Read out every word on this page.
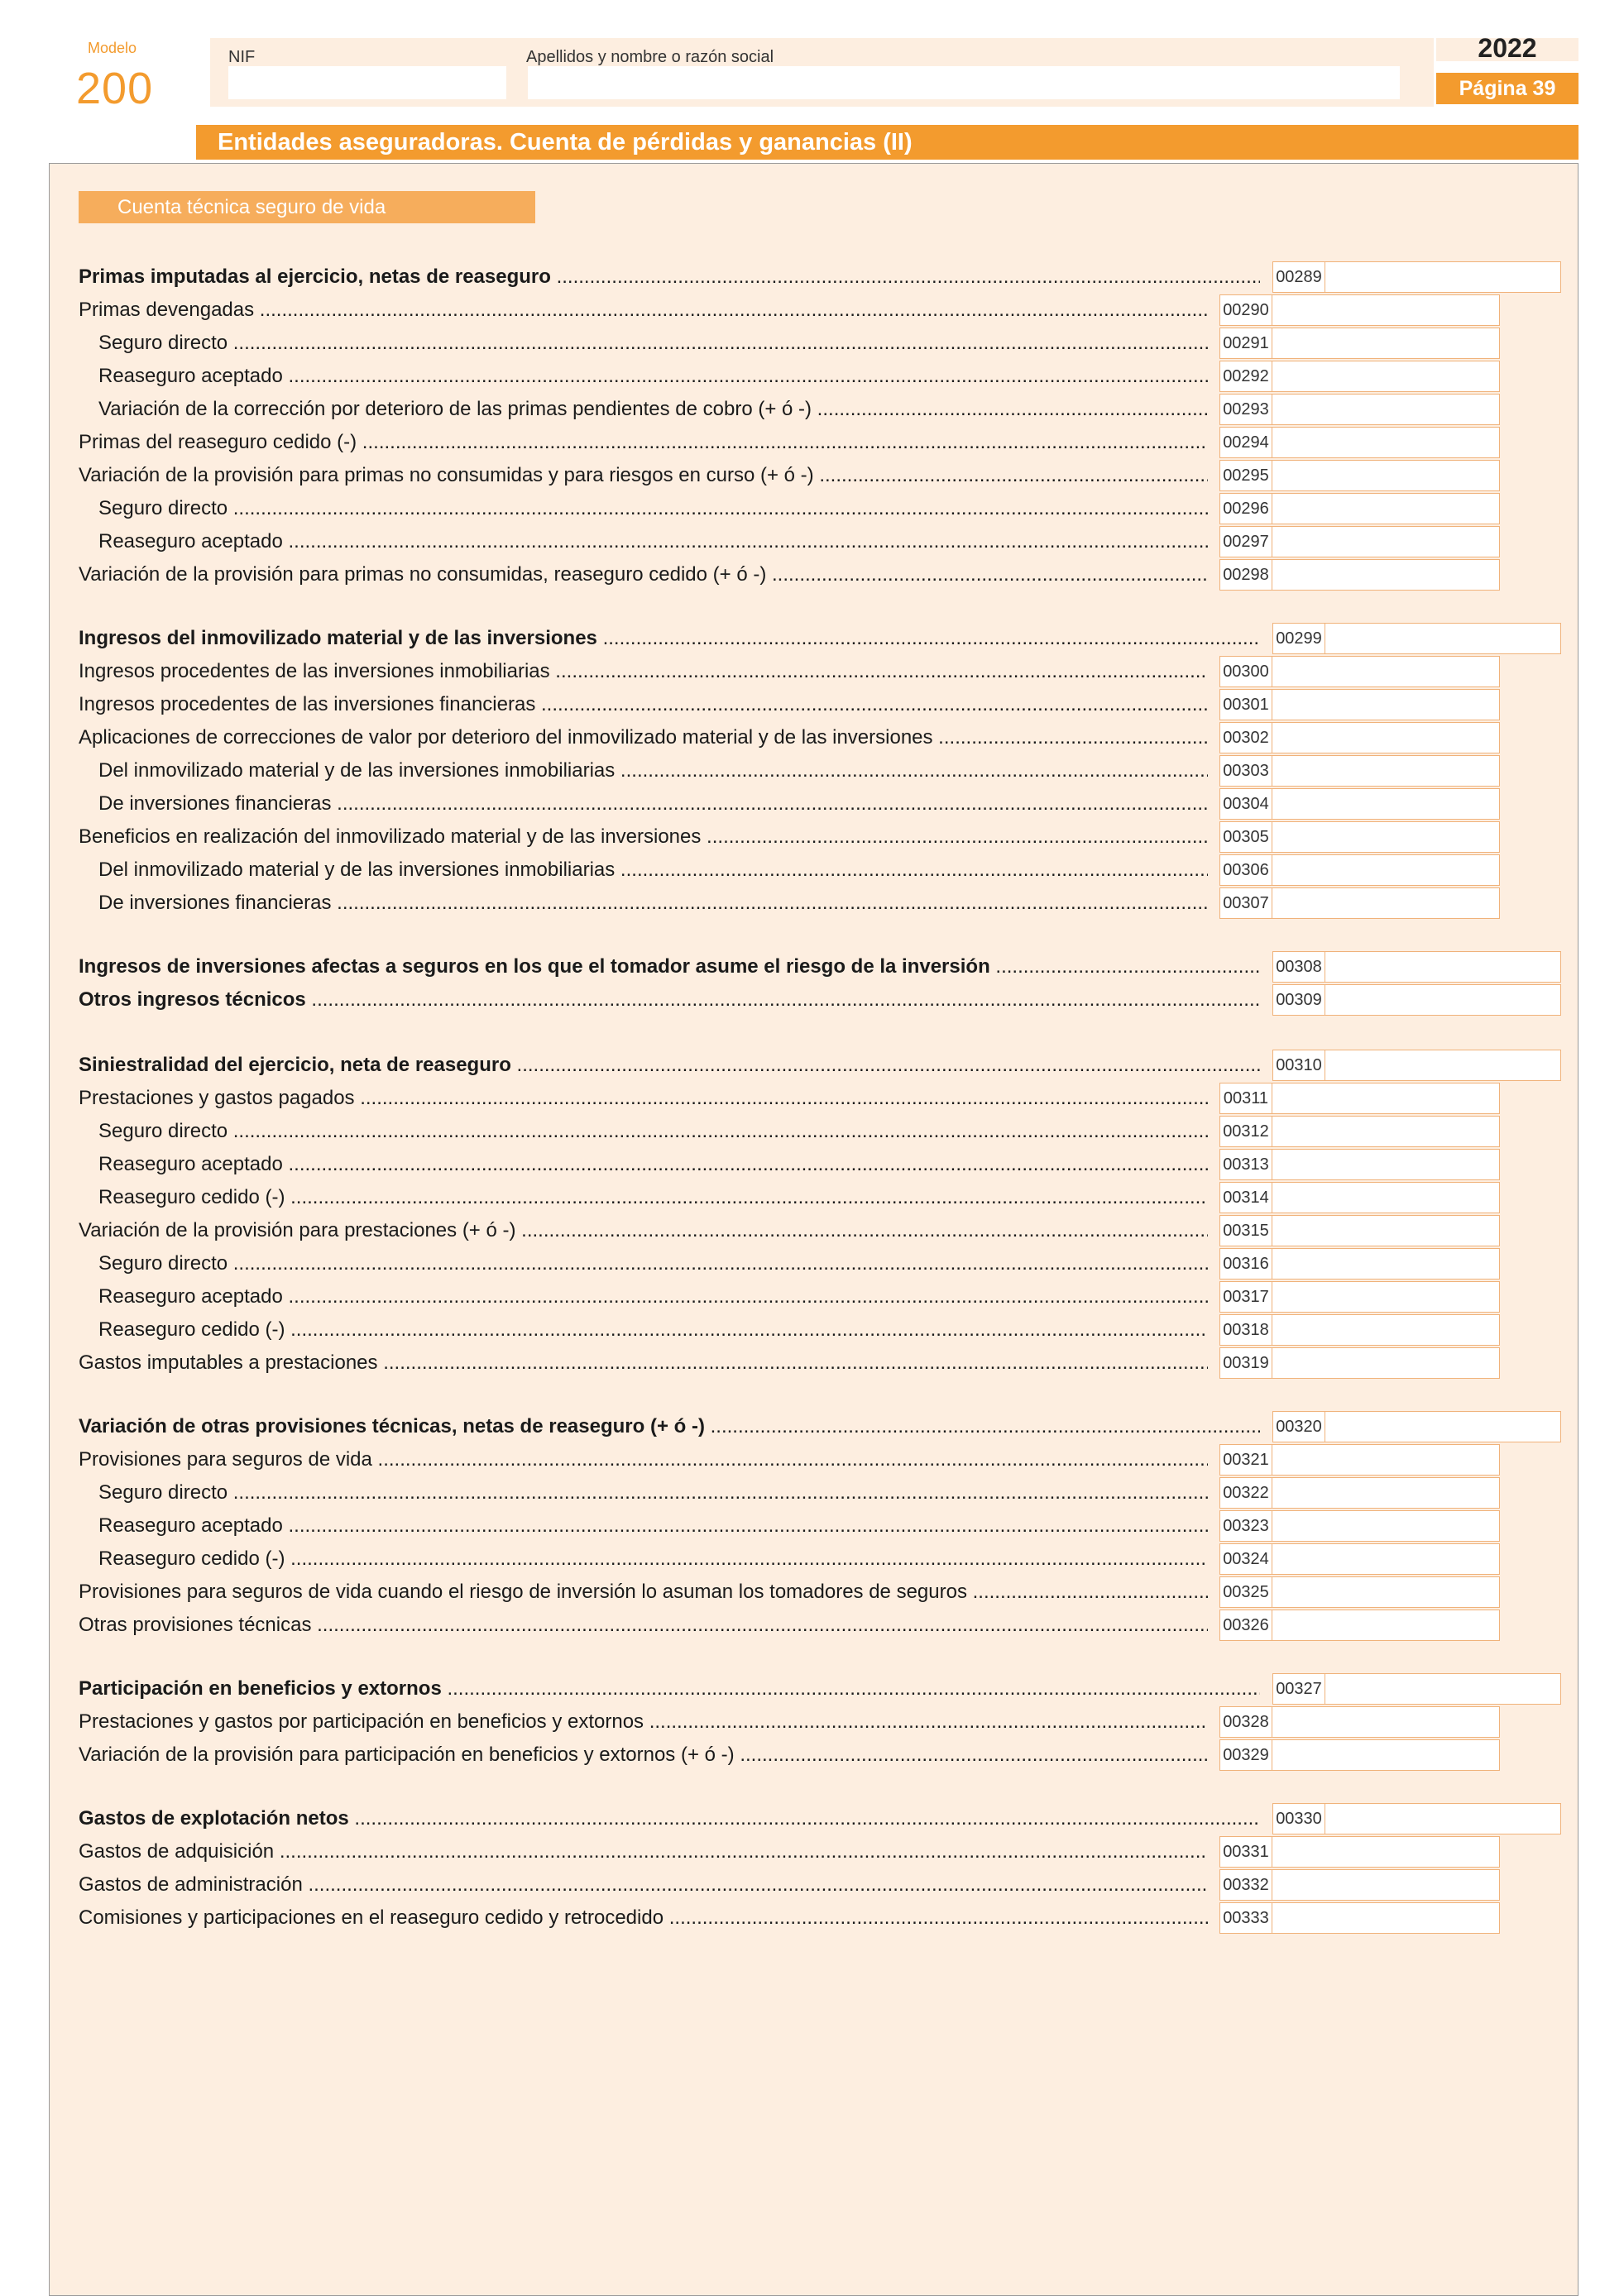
Modelo
200
NIF	Apellidos y nombre o razón social	2022
Página 39
Entidades aseguradoras. Cuenta de pérdidas y ganancias (II)
Cuenta técnica seguro de vida
Primas imputadas al ejercicio, netas de reaseguro .....	00289
Primas devengadas .....	00290
Seguro directo .....	00291
Reaseguro aceptado .....	00292
Variación de la corrección por deterioro de las primas pendientes de cobro (+ ó -) .....	00293
Primas del reaseguro cedido (-) .....	00294
Variación de la provisión para primas no consumidas y para riesgos en curso (+ ó -) .....	00295
Seguro directo .....	00296
Reaseguro aceptado .....	00297
Variación de la provisión para primas no consumidas, reaseguro cedido (+ ó -) .....	00298
Ingresos del inmovilizado material y de las inversiones .....	00299
Ingresos procedentes de las inversiones inmobiliarias .....	00300
Ingresos procedentes de las inversiones financieras .....	00301
Aplicaciones de correcciones de valor por deterioro del inmovilizado material y de las inversiones .....	00302
Del inmovilizado material y de las inversiones inmobiliarias .....	00303
De inversiones financieras .....	00304
Beneficios en realización del inmovilizado material y de las inversiones .....	00305
Del inmovilizado material y de las inversiones inmobiliarias .....	00306
De inversiones financieras .....	00307
Ingresos de inversiones afectas a seguros en los que el tomador asume el riesgo de la inversión .....	00308
Otros ingresos técnicos .....	00309
Siniestralidad del ejercicio, neta de reaseguro .....	00310
Prestaciones y gastos pagados .....	00311
Seguro directo .....	00312
Reaseguro aceptado .....	00313
Reaseguro cedido (-) .....	00314
Variación de la provisión para prestaciones (+ ó -) .....	00315
Seguro directo .....	00316
Reaseguro aceptado .....	00317
Reaseguro cedido (-) .....	00318
Gastos imputables a prestaciones .....	00319
Variación de otras provisiones técnicas, netas de reaseguro (+ ó -) .....	00320
Provisiones para seguros de vida .....	00321
Seguro directo .....	00322
Reaseguro aceptado .....	00323
Reaseguro cedido (-) .....	00324
Provisiones para seguros de vida cuando el riesgo de inversión lo asuman los tomadores de seguros .....	00325
Otras provisiones técnicas .....	00326
Participación en beneficios y extornos .....	00327
Prestaciones y gastos por participación en beneficios y extornos .....	00328
Variación de la provisión para participación en beneficios y extornos (+ ó -) .....	00329
Gastos de explotación netos .....	00330
Gastos de adquisición .....	00331
Gastos de administración .....	00332
Comisiones y participaciones en el reaseguro cedido y retrocedido .....	00333
